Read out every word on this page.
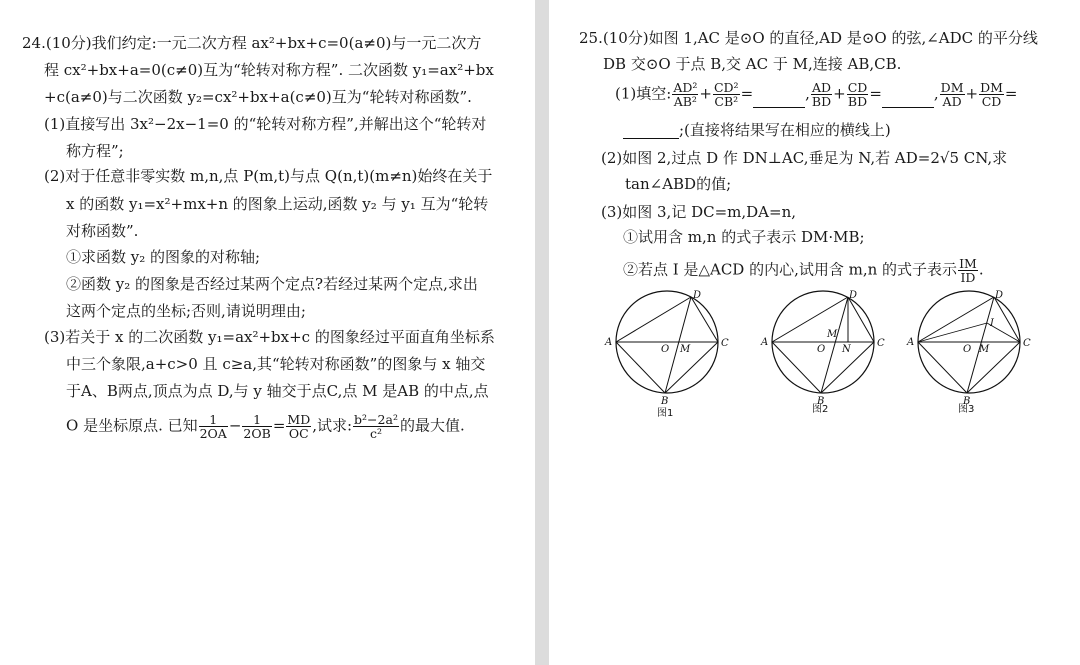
24.(10分)我们约定:一元二次方程 ax²+bx+c=0(a≠0)与一元二次方
程 cx²+bx+a=0(c≠0)互为“轮转对称方程”. 二次函数 y₁=ax²+bx
+c(a≠0)与二次函数 y₂=cx²+bx+a(c≠0)互为“轮转对称函数”.
(1)直接写出 3x²−2x−1=0 的“轮转对称方程”,并解出这个“轮转对
称方程”;
(2)对于任意非零实数 m,n,点 P(m,t)与点 Q(n,t)(m≠n)始终在关于
x 的函数 y₁=x²+mx+n 的图象上运动,函数 y₂ 与 y₁ 互为“轮转
对称函数”.
①求函数 y₂ 的图象的对称轴;
②函数 y₂ 的图象是否经过某两个定点?若经过某两个定点,求出
这两个定点的坐标;否则,请说明理由;
(3)若关于 x 的二次函数 y₁=ax²+bx+c 的图象经过平面直角坐标系
中三个象限,a+c>0 且 c≥a,其“轮转对称函数”的图象与 x 轴交
于A、B两点,顶点为点 D,与 y 轴交于点C,点 M 是AB 的中点,点
O 是坐标原点. 已知 $\frac{1}{2OA} - \frac{1}{2OB} = \frac{MD}{OC}$ ,试求: $\frac{\text{b²−2a²}}{\text{c²}}$ 的最大值.
25.(10分)如图 1,AC 是⊙O 的直径,AD 是⊙O 的弦,∠ADC 的平分线
DB 交⊙O 于点 B,交 AC 于 M,连接 AB,CB.
(1)填空: $\frac{\text{AD²}}{\text{AB²}} + \frac{\text{CD²}}{\text{CB²}}$ =	, $\frac{AD}{BD} + \frac{CD}{BD}$ =	, $\frac{DM}{AD} + \frac{DM}{CD}$ =
;(直接将结果写在相应的横线上)
(2)如图 2,过点 D 作 DN⊥AC,垂足为 N,若 AD=2√5 CN,求
tan∠ABD的值;
(3)如图 3,记 DC=m,DA=n,
①试用含 m,n 的式子表示 DM·MB;
②若点 I 是△ACD 的内心,试用含 m,n 的式子表示 $\frac{IM}{ID}$ .
A
D
C
B
O M
图1
A
D
C
B
O
M
N
图2
A
D
C
B
O M
I
图3
